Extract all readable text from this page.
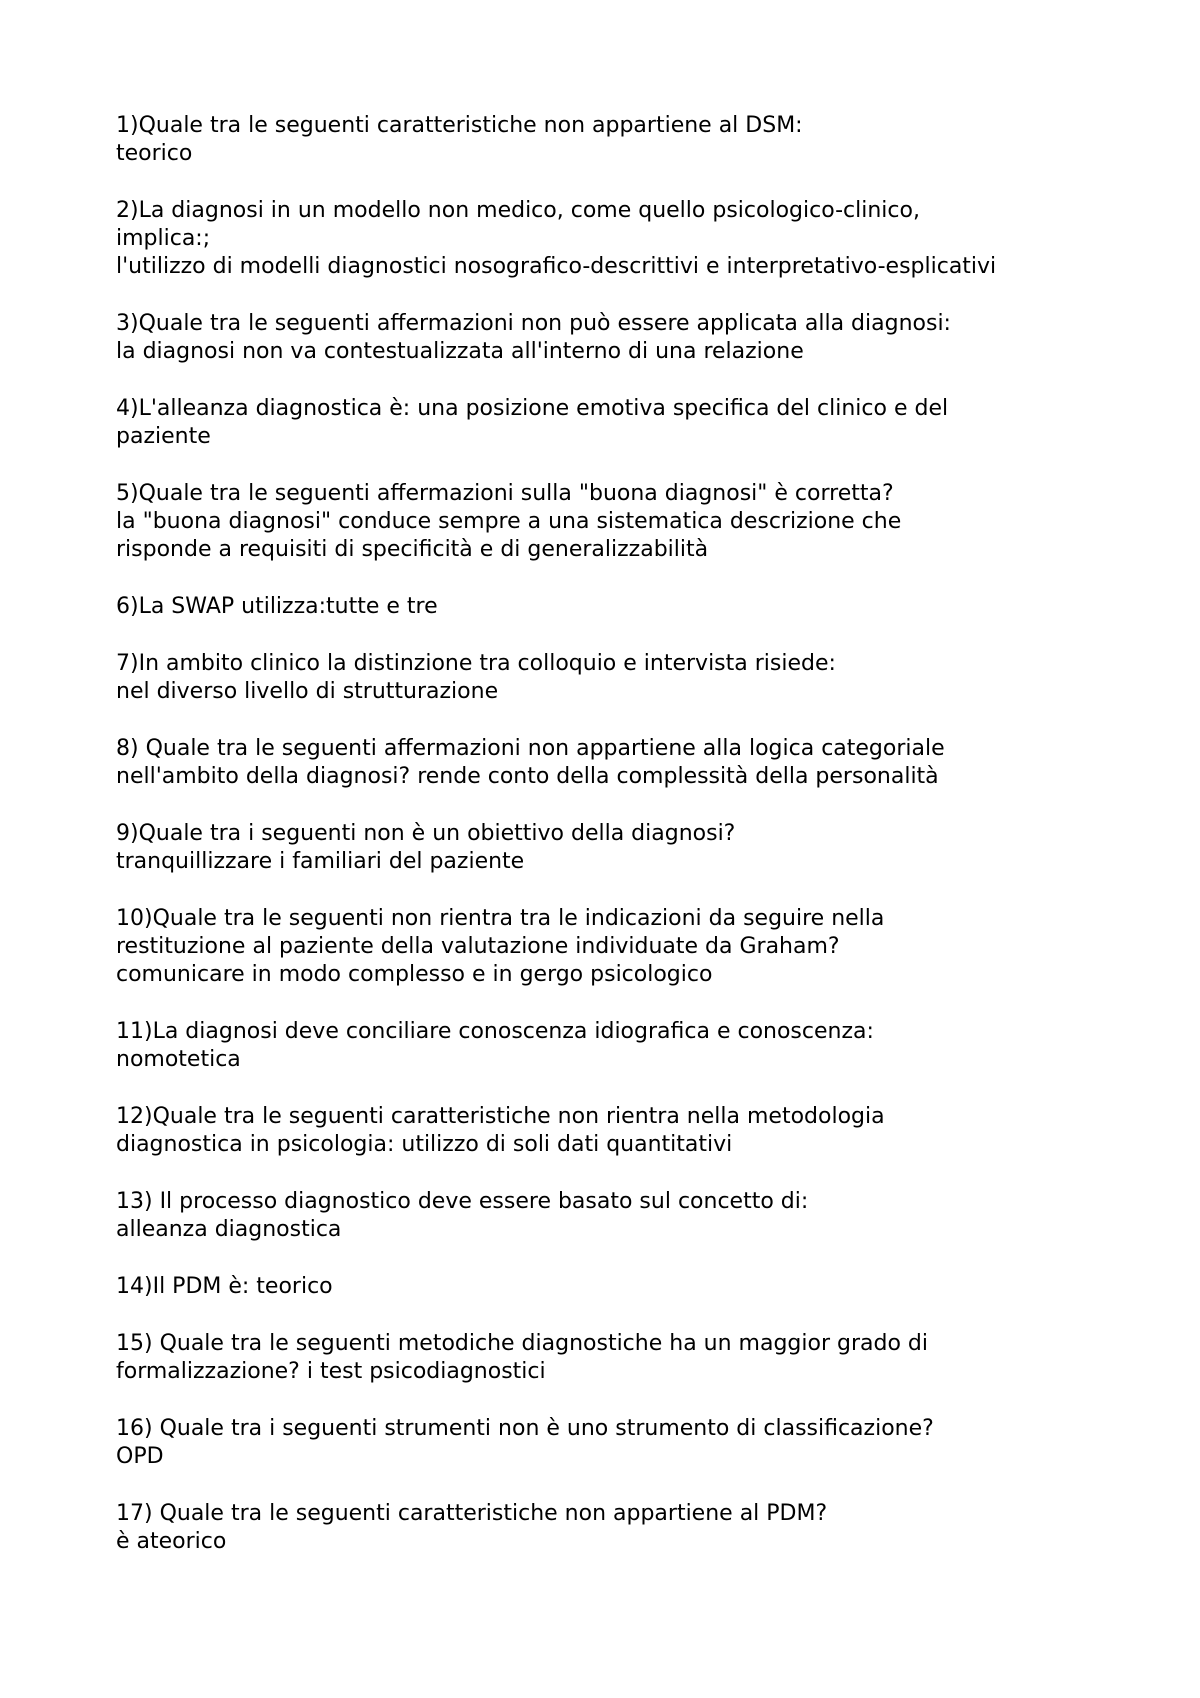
1)Quale tra le seguenti caratteristiche non appartiene al DSM:
teorico
2)La diagnosi in un modello non medico, come quello psicologico-clinico,
implica:;
l'utilizzo di modelli diagnostici nosografico-descrittivi e interpretativo-esplicativi
3)Quale tra le seguenti affermazioni non può essere applicata alla diagnosi:
la diagnosi non va contestualizzata all'interno di una relazione
4)L'alleanza diagnostica è: una posizione emotiva specifica del clinico e del
paziente
5)Quale tra le seguenti affermazioni sulla "buona diagnosi" è corretta?
la "buona diagnosi" conduce sempre a una sistematica descrizione che
risponde a requisiti di specificità e di generalizzabilità
6)La SWAP utilizza:tutte e tre
7)In ambito clinico la distinzione tra colloquio e intervista risiede:
nel diverso livello di strutturazione
8) Quale tra le seguenti affermazioni non appartiene alla logica categoriale
nell'ambito della diagnosi? rende conto della complessità della personalità
9)Quale tra i seguenti non è un obiettivo della diagnosi?
tranquillizzare i familiari del paziente
10)Quale tra le seguenti non rientra tra le indicazioni da seguire nella
restituzione al paziente della valutazione individuate da Graham?
comunicare in modo complesso e in gergo psicologico
11)La diagnosi deve conciliare conoscenza idiografica e conoscenza:
nomotetica
12)Quale tra le seguenti caratteristiche non rientra nella metodologia
diagnostica in psicologia: utilizzo di soli dati quantitativi
13) Il processo diagnostico deve essere basato sul concetto di:
alleanza diagnostica
14)Il PDM è: teorico
15) Quale tra le seguenti metodiche diagnostiche ha un maggior grado di
formalizzazione? i test psicodiagnostici
16) Quale tra i seguenti strumenti non è uno strumento di classificazione?
OPD
17) Quale tra le seguenti caratteristiche non appartiene al PDM?
è ateorico
